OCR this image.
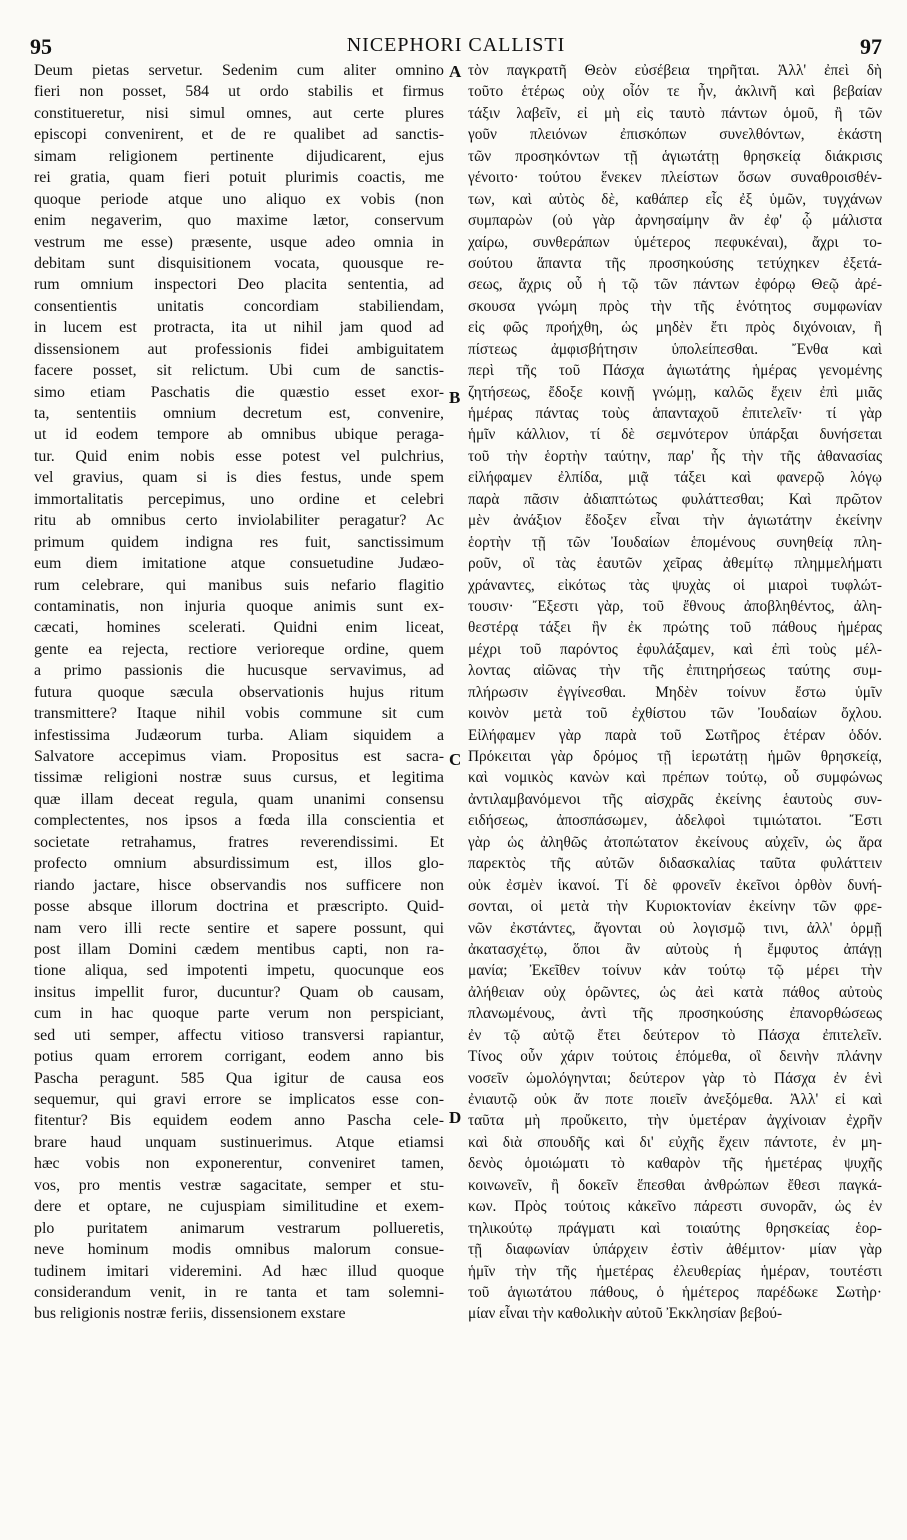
95	NICEPHORI CALLISTI	97
Deum pietas servetur. Sedenim cum aliter omnino
fieri non posset, 584 ut ordo stabilis et firmus
constitueretur, nisi simul omnes, aut certe plures
episcopi convenirent, et de re qualibet ad sanctis-
simam religionem pertinente dijudicarent, ejus
rei gratia, quam fieri potuit plurimis coactis, me
quoque periode atque uno aliquo ex vobis (non
enim negaverim, quo maxime lætor, conservum
vestrum me esse) præsente, usque adeo omnia in
debitam sunt disquisitionem vocata, quousque re-
rum omnium inspectori Deo placita sententia, ad
consentientis unitatis concordiam stabiliendam,
in lucem est protracta, ita ut nihil jam quod ad
dissensionem aut professionis fidei ambiguitatem
facere posset, sit relictum. Ubi cum de sanctis-
simo etiam Paschatis die quæstio esset exor-
ta, sententiis omnium decretum est, convenire,
ut id eodem tempore ab omnibus ubique peraga-
tur. Quid enim nobis esse potest vel pulchrius,
vel gravius, quam si is dies festus, unde spem
immortalitatis percepimus, uno ordine et celebri
ritu ab omnibus certo inviolabiliter peragatur? Ac
primum quidem indigna res fuit, sanctissimum
eum diem imitatione atque consuetudine Judæo-
rum celebrare, qui manibus suis nefario flagitio
contaminatis, non injuria quoque animis sunt ex-
cæcati, homines scelerati. Quidni enim liceat,
gente ea rejecta, rectiore verioreque ordine, quem
a primo passionis die hucusque servavimus, ad
futura quoque sæcula observationis hujus ritum
transmittere? Itaque nihil vobis commune sit cum
infestissima Judæorum turba. Aliam siquidem a
Salvatore accepimus viam. Propositus est sacra-
tissimæ religioni nostræ suus cursus, et legitima
quæ illam deceat regula, quam unanimi consensu
complectentes, nos ipsos a fœda illa conscientia et
societate retrahamus, fratres reverendissimi. Et
profecto omnium absurdissimum est, illos glo-
riando jactare, hisce observandis nos sufficere non
posse absque illorum doctrina et præscripto. Quid-
nam vero illi recte sentire et sapere possunt, qui
post illam Domini cædem mentibus capti, non ra-
tione aliqua, sed impotenti impetu, quocunque eos
insitus impellit furor, ducuntur? Quam ob causam,
cum in hac quoque parte verum non perspiciant,
sed uti semper, affectu vitioso transversi rapiantur,
potius quam errorem corrigant, eodem anno bis
Pascha peragunt. 585 Qua igitur de causa eos
sequemur, qui gravi errore se implicatos esse con-
fitentur? Bis equidem eodem anno Pascha cele-
brare haud unquam sustinuerimus. Atque etiamsi
hæc vobis non exponerentur, conveniret tamen,
vos, pro mentis vestræ sagacitate, semper et stu-
dere et optare, ne cujuspiam similitudine et exem-
plo puritatem animarum vestrarum pollueretis,
neve hominum modis omnibus malorum consue-
tudinem imitari videremini. Ad hæc illud quoque
considerandum venit, in re tanta et tam solemni-
bus religionis nostræ feriis, dissensionem exstare
A
B
C
D
τὸν παγκρατῆ Θεὸν εὐσέβεια τηρῆται. Ἀλλ' ἐπεὶ δὴ
τοῦτο ἑτέρως οὐχ οἷόν τε ἦν, ἀκλινῆ καὶ βεβαίαν
τάξιν λαβεῖν, εἰ μὴ εἰς ταυτὸ πάντων ὁμοῦ, ἢ τῶν
γοῦν πλειόνων ἐπισκόπων συνελθόντων, ἑκάστη
τῶν προσηκόντων τῇ ἁγιωτάτῃ θρησκείᾳ διάκρισις
γένοιτο· τούτου ἕνεκεν πλείστων ὅσων συναθροισθέν-
των, καὶ αὐτὸς δὲ, καθάπερ εἷς ἐξ ὑμῶν, τυγχάνων
συμπαρὼν (οὐ γὰρ ἀρνησαίμην ἂν ἐφ' ᾧ μάλιστα
χαίρω, συνθεράπων ὑμέτερος πεφυκέναι), ἄχρι το-
σούτου ἅπαντα τῆς προσηκούσης τετύχηκεν ἐξετά-
σεως, ἄχρις οὗ ἡ τῷ τῶν πάντων ἐφόρῳ Θεῷ ἀρέ-
σκουσα γνώμη πρὸς τὴν τῆς ἑνότητος συμφωνίαν
εἰς φῶς προήχθη, ὡς μηδὲν ἔτι πρὸς διχόνοιαν, ἢ
πίστεως ἀμφισβήτησιν ὑπολείπεσθαι. Ἔνθα καὶ
περὶ τῆς τοῦ Πάσχα ἁγιωτάτης ἡμέρας γενομένης
ζητήσεως, ἔδοξε κοινῇ γνώμῃ, καλῶς ἔχειν ἐπὶ μιᾶς
ἡμέρας πάντας τοὺς ἁπανταχοῦ ἐπιτελεῖν· τί γὰρ
ἡμῖν κάλλιον, τί δὲ σεμνότερον ὑπάρξαι δυνήσεται
τοῦ τὴν ἑορτὴν ταύτην, παρ' ἧς τὴν τῆς ἀθανασίας
εἰλήφαμεν ἐλπίδα, μιᾷ τάξει καὶ φανερῷ λόγῳ
παρὰ πᾶσιν ἀδιαπτώτως φυλάττεσθαι; Καὶ πρῶτον
μὲν ἀνάξιον ἔδοξεν εἶναι τὴν ἁγιωτάτην ἐκείνην
ἑορτὴν τῇ τῶν Ἰουδαίων ἑπομένους συνηθείᾳ πλη-
ροῦν, οἳ τὰς ἑαυτῶν χεῖρας ἀθεμίτῳ πλημμελήματι
χράναντες, εἰκότως τὰς ψυχὰς οἱ μιαροὶ τυφλώτ-
τουσιν· Ἔξεστι γὰρ, τοῦ ἔθνους ἀποβληθέντος, ἀλη-
θεστέρᾳ τάξει ἣν ἐκ πρώτης τοῦ πάθους ἡμέρας
μέχρι τοῦ παρόντος ἐφυλάξαμεν, καὶ ἐπὶ τοὺς μέλ-
λοντας αἰῶνας τὴν τῆς ἐπιτηρήσεως ταύτης συμ-
πλήρωσιν ἐγγίνεσθαι. Μηδὲν τοίνυν ἔστω ὑμῖν
κοινὸν μετὰ τοῦ ἐχθίστου τῶν Ἰουδαίων ὄχλου.
Εἰλήφαμεν γὰρ παρὰ τοῦ Σωτῆρος ἑτέραν ὁδόν.
Πρόκειται γὰρ δρόμος τῇ ἱερωτάτῃ ἡμῶν θρησκείᾳ,
καὶ νομικὸς κανὼν καὶ πρέπων τούτῳ, οὗ συμφώνως
ἀντιλαμβανόμενοι τῆς αἰσχρᾶς ἐκείνης ἑαυτοὺς συν-
ειδήσεως, ἀποσπάσωμεν, ἀδελφοὶ τιμιώτατοι. Ἔστι
γὰρ ὡς ἀληθῶς ἀτοπώτατον ἐκείνους αὐχεῖν, ὡς ἄρα
παρεκτὸς τῆς αὐτῶν διδασκαλίας ταῦτα φυλάττειν
οὐκ ἐσμὲν ἱκανοί. Τί δὲ φρονεῖν ἐκεῖνοι ὀρθὸν δυνή-
σονται, οἱ μετὰ τὴν Κυριοκτονίαν ἐκείνην τῶν φρε-
νῶν ἐκστάντες, ἄγονται οὐ λογισμῷ τινι, ἀλλ' ὁρμῇ
ἀκατασχέτῳ, ὅποι ἂν αὐτοὺς ἡ ἔμφυτος ἀπάγῃ
μανία; Ἐκεῖθεν τοίνυν κἀν τούτῳ τῷ μέρει τὴν
ἀλήθειαν οὐχ ὁρῶντες, ὡς ἀεὶ κατὰ πάθος αὐτοὺς
πλανωμένους, ἀντὶ τῆς προσηκούσης ἐπανορθώσεως
ἐν τῷ αὐτῷ ἔτει δεύτερον τὸ Πάσχα ἐπιτελεῖν.
Τίνος οὖν χάριν τούτοις ἑπόμεθα, οἳ δεινὴν πλάνην
νοσεῖν ὡμολόγηνται; δεύτερον γὰρ τὸ Πάσχα ἐν ἑνὶ
ἐνιαυτῷ οὐκ ἄν ποτε ποιεῖν ἀνεξόμεθα. Ἀλλ' εἰ καὶ
ταῦτα μὴ προὔκειτο, τὴν ὑμετέραν ἀγχίνοιαν ἐχρῆν
καὶ διὰ σπουδῆς καὶ δι' εὐχῆς ἔχειν πάντοτε, ἐν μη-
δενὸς ὁμοιώματι τὸ καθαρὸν τῆς ἡμετέρας ψυχῆς
κοινωνεῖν, ἢ δοκεῖν ἕπεσθαι ἀνθρώπων ἔθεσι παγκά-
κων. Πρὸς τούτοις κἀκεῖνο πάρεστι συνορᾶν, ὡς ἐν
τηλικούτῳ πράγματι καὶ τοιαύτης θρησκείας ἑορ-
τῇ διαφωνίαν ὑπάρχειν ἐστὶν ἀθέμιτον· μίαν γὰρ
ἡμῖν τὴν τῆς ἡμετέρας ἐλευθερίας ἡμέραν, τουτέστι
τοῦ ἁγιωτάτου πάθους, ὁ ἡμέτερος παρέδωκε Σωτὴρ·
μίαν εἶναι τὴν καθολικὴν αὐτοῦ Ἐκκλησίαν βεβού-
